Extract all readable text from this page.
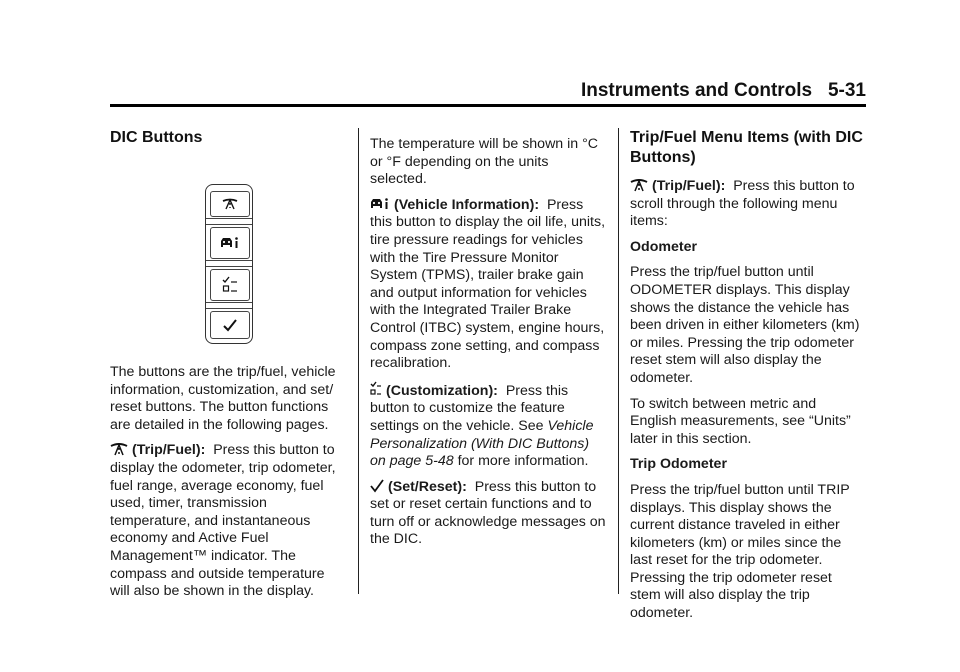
Instruments and Controls 5-31
DIC Buttons

The buttons are the trip/fuel, vehicle information, customization, and set/ reset buttons. The button functions are detailed in the following pages.

(Trip/Fuel): Press this button to display the odometer, trip odometer, fuel range, average economy, fuel used, timer, transmission temperature, and instantaneous economy and Active Fuel Management™ indicator. The compass and outside temperature will also be shown in the display.

The temperature will be shown in °C or °F depending on the units selected.

(Vehicle Information): Press this button to display the oil life, units, tire pressure readings for vehicles with the Tire Pressure Monitor System (TPMS), trailer brake gain and output information for vehicles with the Integrated Trailer Brake Control (ITBC) system, engine hours, compass zone setting, and compass recalibration.

(Customization): Press this button to customize the feature settings on the vehicle. See Vehicle Personalization (With DIC Buttons) on page 5-48 for more information.

(Set/Reset): Press this button to set or reset certain functions and to turn off or acknowledge messages on the DIC.

Trip/Fuel Menu Items (with DIC Buttons)

(Trip/Fuel): Press this button to scroll through the following menu items:

Odometer

Press the trip/fuel button until ODOMETER displays. This display shows the distance the vehicle has been driven in either kilometers (km) or miles. Pressing the trip odometer reset stem will also display the odometer.

To switch between metric and English measurements, see “Units” later in this section.

Trip Odometer

Press the trip/fuel button until TRIP displays. This display shows the current distance traveled in either kilometers (km) or miles since the last reset for the trip odometer. Pressing the trip odometer reset stem will also display the trip odometer.
